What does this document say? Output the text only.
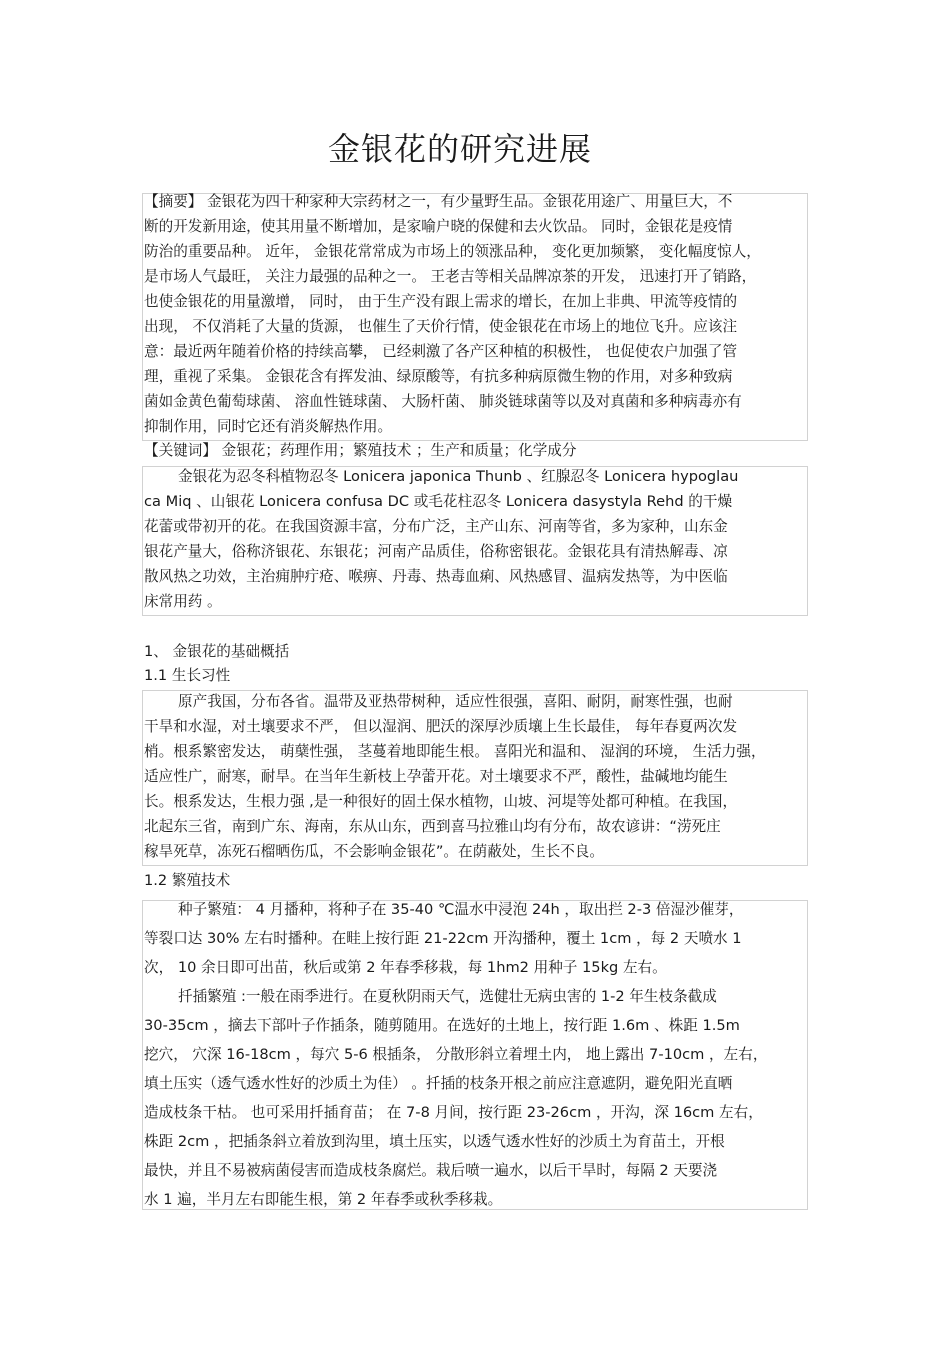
金银花的研究进展

【摘要】 金银花为四十种家种大宗药材之一，有少量野生品。金银花用途广、用量巨大，不

断的开发新用途，使其用量不断增加，是家喻户晓的保健和去火饮品。 同时，金银花是疫情

防治的重要品种。 近年， 金银花常常成为市场上的领涨品种， 变化更加频繁， 变化幅度惊人，

是市场人气最旺， 关注力最强的品种之一。 王老吉等相关品牌凉茶的开发， 迅速打开了销路，

也使金银花的用量激增， 同时， 由于生产没有跟上需求的增长，在加上非典、甲流等疫情的

出现， 不仅消耗了大量的货源， 也催生了天价行情，使金银花在市场上的地位飞升。应该注

意：最近两年随着价格的持续高攀， 已经刺激了各产区种植的积极性， 也促使农户加强了管

理，重视了采集。 金银花含有挥发油、绿原酸等，有抗多种病原微生物的作用，对多种致病

菌如金黄色葡萄球菌、 溶血性链球菌、 大肠杆菌、 肺炎链球菌等以及对真菌和多种病毒亦有

抑制作用，同时它还有消炎解热作用。

【关键词】 金银花；药理作用；繁殖技术 ；生产和质量；化学成分

金银花为忍冬科植物忍冬 Lonicera japonica Thunb 、红腺忍冬 Lonicera hypoglau

ca Miq 、山银花 Lonicera confusa DC 或毛花柱忍冬 Lonicera dasystyla Rehd 的干燥

花蕾或带初开的花。在我国资源丰富，分布广泛，主产山东、河南等省，多为家种，山东金

银花产量大，俗称济银花、东银花；河南产品质佳，俗称密银花。金银花具有清热解毒、凉

散风热之功效，主治痈肿疔疮、喉痹、丹毒、热毒血痢、风热感冒、温病发热等，为中医临

床常用药 。

1、 金银花的基础概括

1.1 生长习性

原产我国，分布各省。温带及亚热带树种，适应性很强，喜阳、耐阴，耐寒性强，也耐

干旱和水湿，对土壤要求不严， 但以湿润、肥沃的深厚沙质壤上生长最佳， 每年春夏两次发

梢。根系繁密发达， 萌蘖性强， 茎蔓着地即能生根。 喜阳光和温和、 湿润的环境， 生活力强，

适应性广，耐寒，耐旱。在当年生新枝上孕蕾开花。对土壤要求不严，酸性，盐碱地均能生

长。根系发达，生根力强 ,是一种很好的固土保水植物，山坡、河堤等处都可种植。在我国，

北起东三省，南到广东、海南，东从山东，西到喜马拉雅山均有分布，故农谚讲：“涝死庄

稼旱死草，冻死石榴晒伤瓜，不会影响金银花”。在荫蔽处，生长不良。

1.2 繁殖技术

种子繁殖： 4 月播种，将种子在 35-40 ℃温水中浸泡 24h ，取出拦 2-3 倍湿沙催芽，

等裂口达 30% 左右时播种。在畦上按行距 21-22cm 开沟播种，覆土 1cm ，每 2 天喷水 1

次， 10 余日即可出苗，秋后或第 2 年春季移栽，每 1hm2 用种子 15kg 左右。

扦插繁殖 :一般在雨季进行。在夏秋阴雨天气，选健壮无病虫害的 1-2 年生枝条截成

30-35cm ，摘去下部叶子作插条，随剪随用。在选好的土地上，按行距 1.6m 、株距 1.5m

挖穴， 穴深 16-18cm ，每穴 5-6 根插条， 分散形斜立着埋土内， 地上露出 7-10cm ，左右，

填土压实（透气透水性好的沙质土为佳） 。扦插的枝条开根之前应注意遮阴，避免阳光直晒

造成枝条干枯。 也可采用扦插育苗； 在 7-8 月间，按行距 23-26cm ，开沟，深 16cm 左右，

株距 2cm ，把插条斜立着放到沟里，填土压实，以透气透水性好的沙质土为育苗土，开根

最快，并且不易被病菌侵害而造成枝条腐烂。栽后喷一遍水，以后干旱时，每隔 2 天要浇

水 1 遍，半月左右即能生根，第 2 年春季或秋季移栽。
